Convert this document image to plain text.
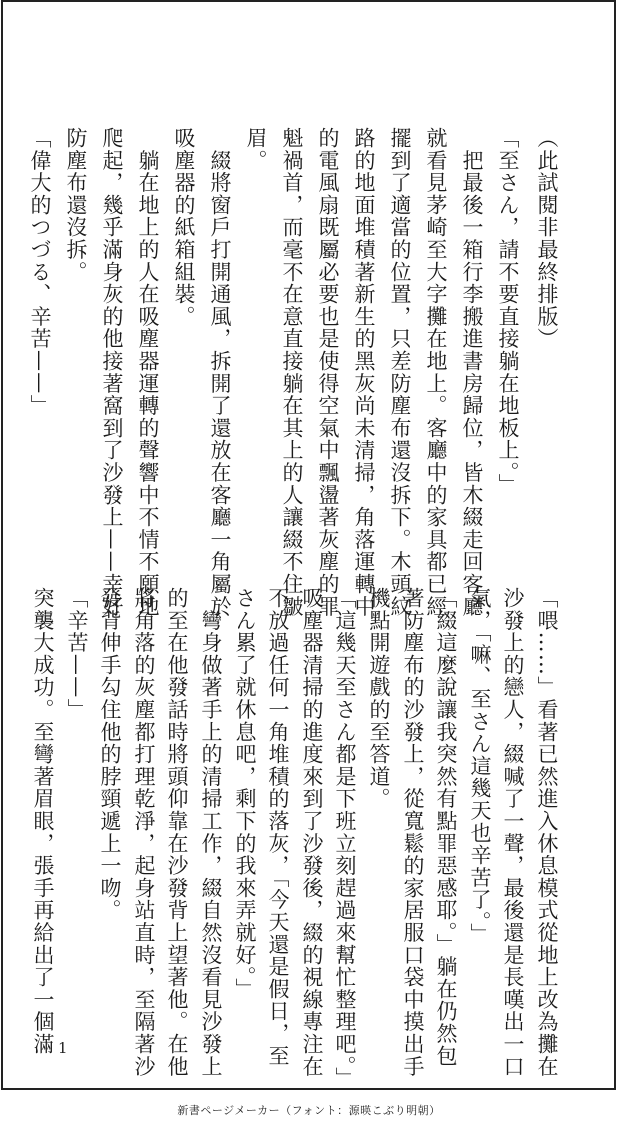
（此試閱非最終排版）
「至さん，請不要直接躺在地板上。」
　把最後一箱行李搬進書房歸位，皆木綴走回客廳
就看見茅崎至大字攤在地上。客廳中的家具都已經
擺到了適當的位置，只差防塵布還沒拆下。木頭紋
路的地面堆積著新生的黑灰尚未清掃，角落運轉中
的電風扇既屬必要也是使得空氣中飄盪著灰塵的罪
魁禍首，而毫不在意直接躺在其上的人讓綴不住皺
眉。
　綴將窗戶打開通風，拆開了還放在客廳一角屬於
吸塵器的紙箱組裝。
　躺在地上的人在吸塵器運轉的聲響中不情不願地
爬起，幾乎滿身灰的他接著窩到了沙發上——幸好
防塵布還沒拆。
「偉大的つづる、辛苦——」
「喂……」看著已然進入休息模式從地上改為攤在
沙發上的戀人，綴喊了一聲，最後還是長嘆出一口
氣，「嘛、至さん這幾天也辛苦了。」
「綴這麼說讓我突然有點罪惡感耶。」躺在仍然包
著防塵布的沙發上，從寬鬆的家居服口袋中摸出手
機點開遊戲的至答道。
「這幾天至さん都是下班立刻趕過來幫忙整理吧。」
吸塵器清掃的進度來到了沙發後，綴的視線專注在
不放過任何一角堆積的落灰，「今天還是假日，至
さん累了就休息吧，剩下的我來弄就好。」
　彎身做著手上的清掃工作，綴自然沒看見沙發上
的至在他發話時將頭仰靠在沙發背上望著他。在他
將角落的灰塵都打理乾淨，起身站直時，至隔著沙
發背伸手勾住他的脖頸遞上一吻。
「辛苦——」
突襲大成功。至彎著眉眼，張手再給出了一個滿 1
新書ページメーカー（フォント：源暎こぶり明朝）
